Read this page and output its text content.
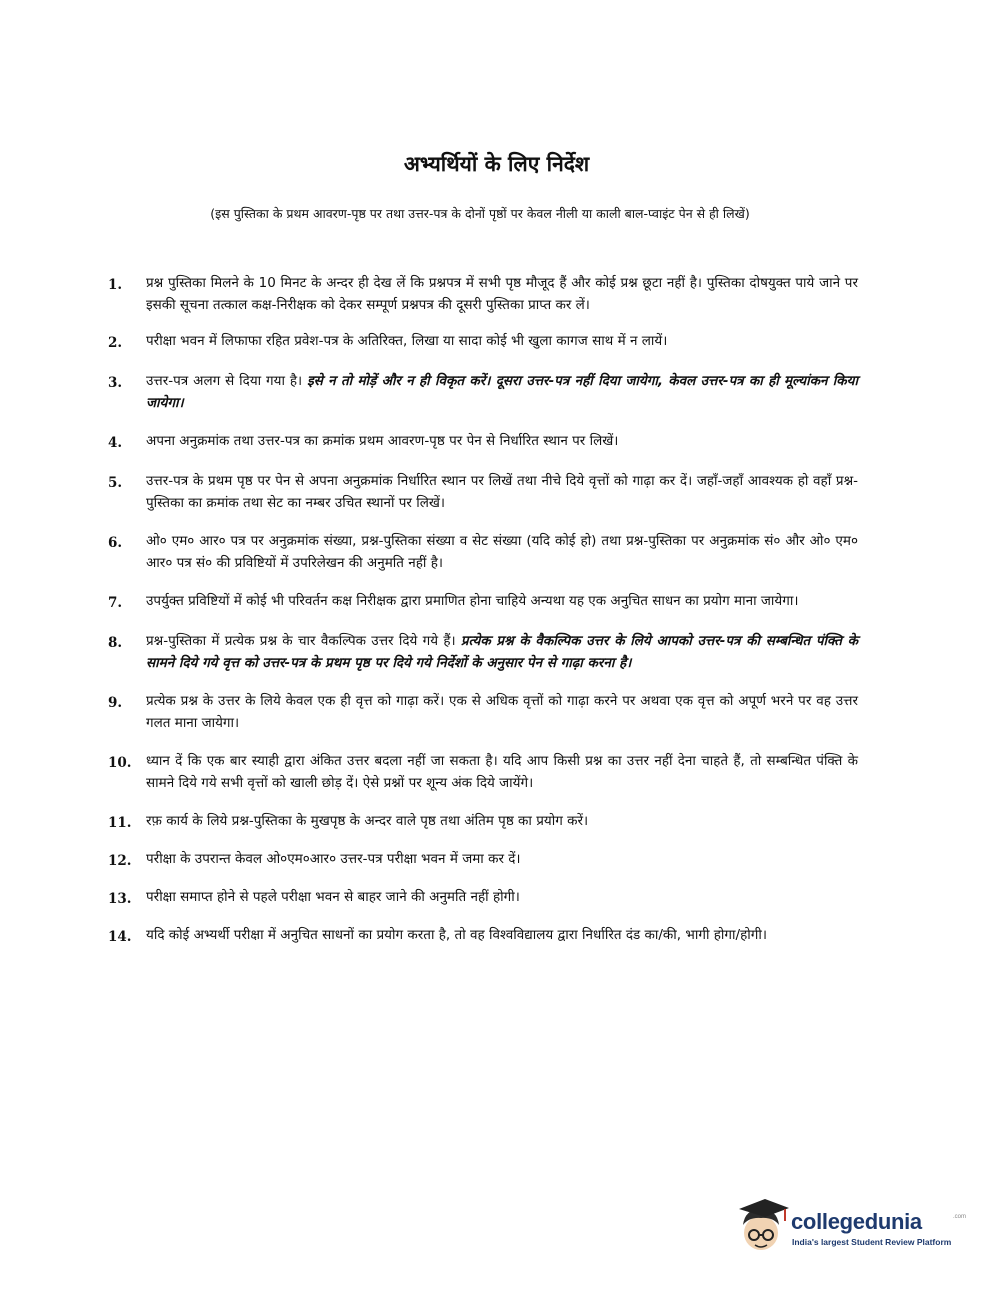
अभ्यर्थियों के लिए निर्देश
(इस पुस्तिका के प्रथम आवरण-पृष्ठ पर तथा उत्तर-पत्र के दोनों पृष्ठों पर केवल नीली या काली बाल-प्वाइंट पेन से ही लिखें)
1.	प्रश्न पुस्तिका मिलने के 10 मिनट के अन्दर ही देख लें कि प्रश्नपत्र में सभी पृष्ठ मौजूद हैं और कोई प्रश्न छूटा नहीं है। पुस्तिका दोषयुक्त पाये जाने पर इसकी सूचना तत्काल कक्ष-निरीक्षक को देकर सम्पूर्ण प्रश्नपत्र की दूसरी पुस्तिका प्राप्त कर लें।
2.	परीक्षा भवन में लिफाफा रहित प्रवेश-पत्र के अतिरिक्त, लिखा या सादा कोई भी खुला कागज साथ में न लायें।
3.	उत्तर-पत्र अलग से दिया गया है। इसे न तो मोड़ें और न ही विकृत करें। दूसरा उत्तर-पत्र नहीं दिया जायेगा, केवल उत्तर-पत्र का ही मूल्यांकन किया जायेगा।
4.	अपना अनुक्रमांक तथा उत्तर-पत्र का क्रमांक प्रथम आवरण-पृष्ठ पर पेन से निर्धारित स्थान पर लिखें।
5.	उत्तर-पत्र के प्रथम पृष्ठ पर पेन से अपना अनुक्रमांक निर्धारित स्थान पर लिखें तथा नीचे दिये वृत्तों को गाढ़ा कर दें। जहाँ-जहाँ आवश्यक हो वहाँ प्रश्न-पुस्तिका का क्रमांक तथा सेट का नम्बर उचित स्थानों पर लिखें।
6.	ओ० एम० आर० पत्र पर अनुक्रमांक संख्या, प्रश्न-पुस्तिका संख्या व सेट संख्या (यदि कोई हो) तथा प्रश्न-पुस्तिका पर अनुक्रमांक सं० और ओ० एम० आर० पत्र सं० की प्रविष्टियों में उपरिलेखन की अनुमति नहीं है।
7.	उपर्युक्त प्रविष्टियों में कोई भी परिवर्तन कक्ष निरीक्षक द्वारा प्रमाणित होना चाहिये अन्यथा यह एक अनुचित साधन का प्रयोग माना जायेगा।
8.	प्रश्न-पुस्तिका में प्रत्येक प्रश्न के चार वैकल्पिक उत्तर दिये गये हैं। प्रत्येक प्रश्न के वैकल्पिक उत्तर के लिये आपको उत्तर-पत्र की सम्बन्धित पंक्ति के सामने दिये गये वृत्त को उत्तर-पत्र के प्रथम पृष्ठ पर दिये गये निर्देशों के अनुसार पेन से गाढ़ा करना है।
9.	प्रत्येक प्रश्न के उत्तर के लिये केवल एक ही वृत्त को गाढ़ा करें। एक से अधिक वृत्तों को गाढ़ा करने पर अथवा एक वृत्त को अपूर्ण भरने पर वह उत्तर गलत माना जायेगा।
10.	ध्यान दें कि एक बार स्याही द्वारा अंकित उत्तर बदला नहीं जा सकता है। यदि आप किसी प्रश्न का उत्तर नहीं देना चाहते हैं, तो सम्बन्धित पंक्ति के सामने दिये गये सभी वृत्तों को खाली छोड़ दें। ऐसे प्रश्नों पर शून्य अंक दिये जायेंगे।
11.	रफ़ कार्य के लिये प्रश्न-पुस्तिका के मुखपृष्ठ के अन्दर वाले पृष्ठ तथा अंतिम पृष्ठ का प्रयोग करें।
12.	परीक्षा के उपरान्त केवल ओ०एम०आर० उत्तर-पत्र परीक्षा भवन में जमा कर दें।
13.	परीक्षा समाप्त होने से पहले परीक्षा भवन से बाहर जाने की अनुमति नहीं होगी।
14.	यदि कोई अभ्यर्थी परीक्षा में अनुचित साधनों का प्रयोग करता है, तो वह विश्वविद्यालय द्वारा निर्धारित दंड का/की, भागी होगा/होगी।
collegedunia	.com
India's largest Student Review Platform
